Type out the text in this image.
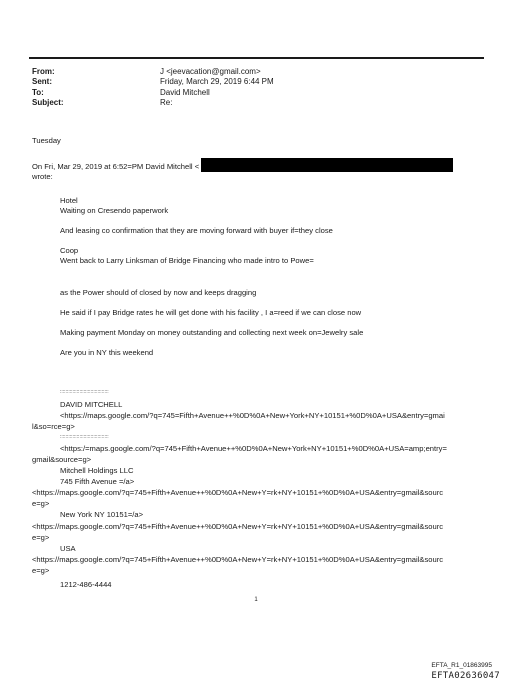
From:	J <jeevacation@gmail.com>
Sent:	Friday, March 29, 2019 6:44 PM
To:	David Mitchell
Subject:	Re:

Tuesday

On Fri, Mar 29, 2019 at 6:52=PM David Mitchell <

wrote:

Hotel

Waiting on Cresendo paperwork

And leasing co confirmation that they are moving forward with buyer if=they close

Coop

Went back to Larry Linksman of Bridge Financing who made intro to Powe=

as the Power should of closed by now and keeps dragging

He said if I pay Bridge rates he will get done with his facility , I a=reed if we can close now

Making payment Monday on money outstanding and collecting next week on=Jewelry sale

Are you in NY this weekend

:::::::::::::::::::::::::::::::::::

DAVID MITCHELL

<https://maps.google.com/?q=745=Fifth+Avenue++%0D%0A+New+York+NY+10151+%0D%0A+USA&entry=gmai

l&so=rce=g>

:::::::::::::::::::::::::::::::::::

<https:/=maps.google.com/?q=745+Fifth+Avenue++%0D%0A+New+York+NY+10151+%0D%0A+USA=amp;entry=

gmail&source=g>

Mitchell Holdings LLC

745 Fifth Avenue =/a>

<https://maps.google.com/?q=745+Fifth+Avenue++%0D%0A+New+Y=rk+NY+10151+%0D%0A+USA&entry=gmail&sourc

e=g>

New York NY 10151=/a>

<https://maps.google.com/?q=745+Fifth+Avenue++%0D%0A+New+Y=rk+NY+10151+%0D%0A+USA&entry=gmail&sourc

e=g>

USA

<https://maps.google.com/?q=745+Fifth+Avenue++%0D%0A+New+Y=rk+NY+10151+%0D%0A+USA&entry=gmail&sourc

e=g>

1212-486-4444

1
EFTA_R1_01863995
EFTA02636047
